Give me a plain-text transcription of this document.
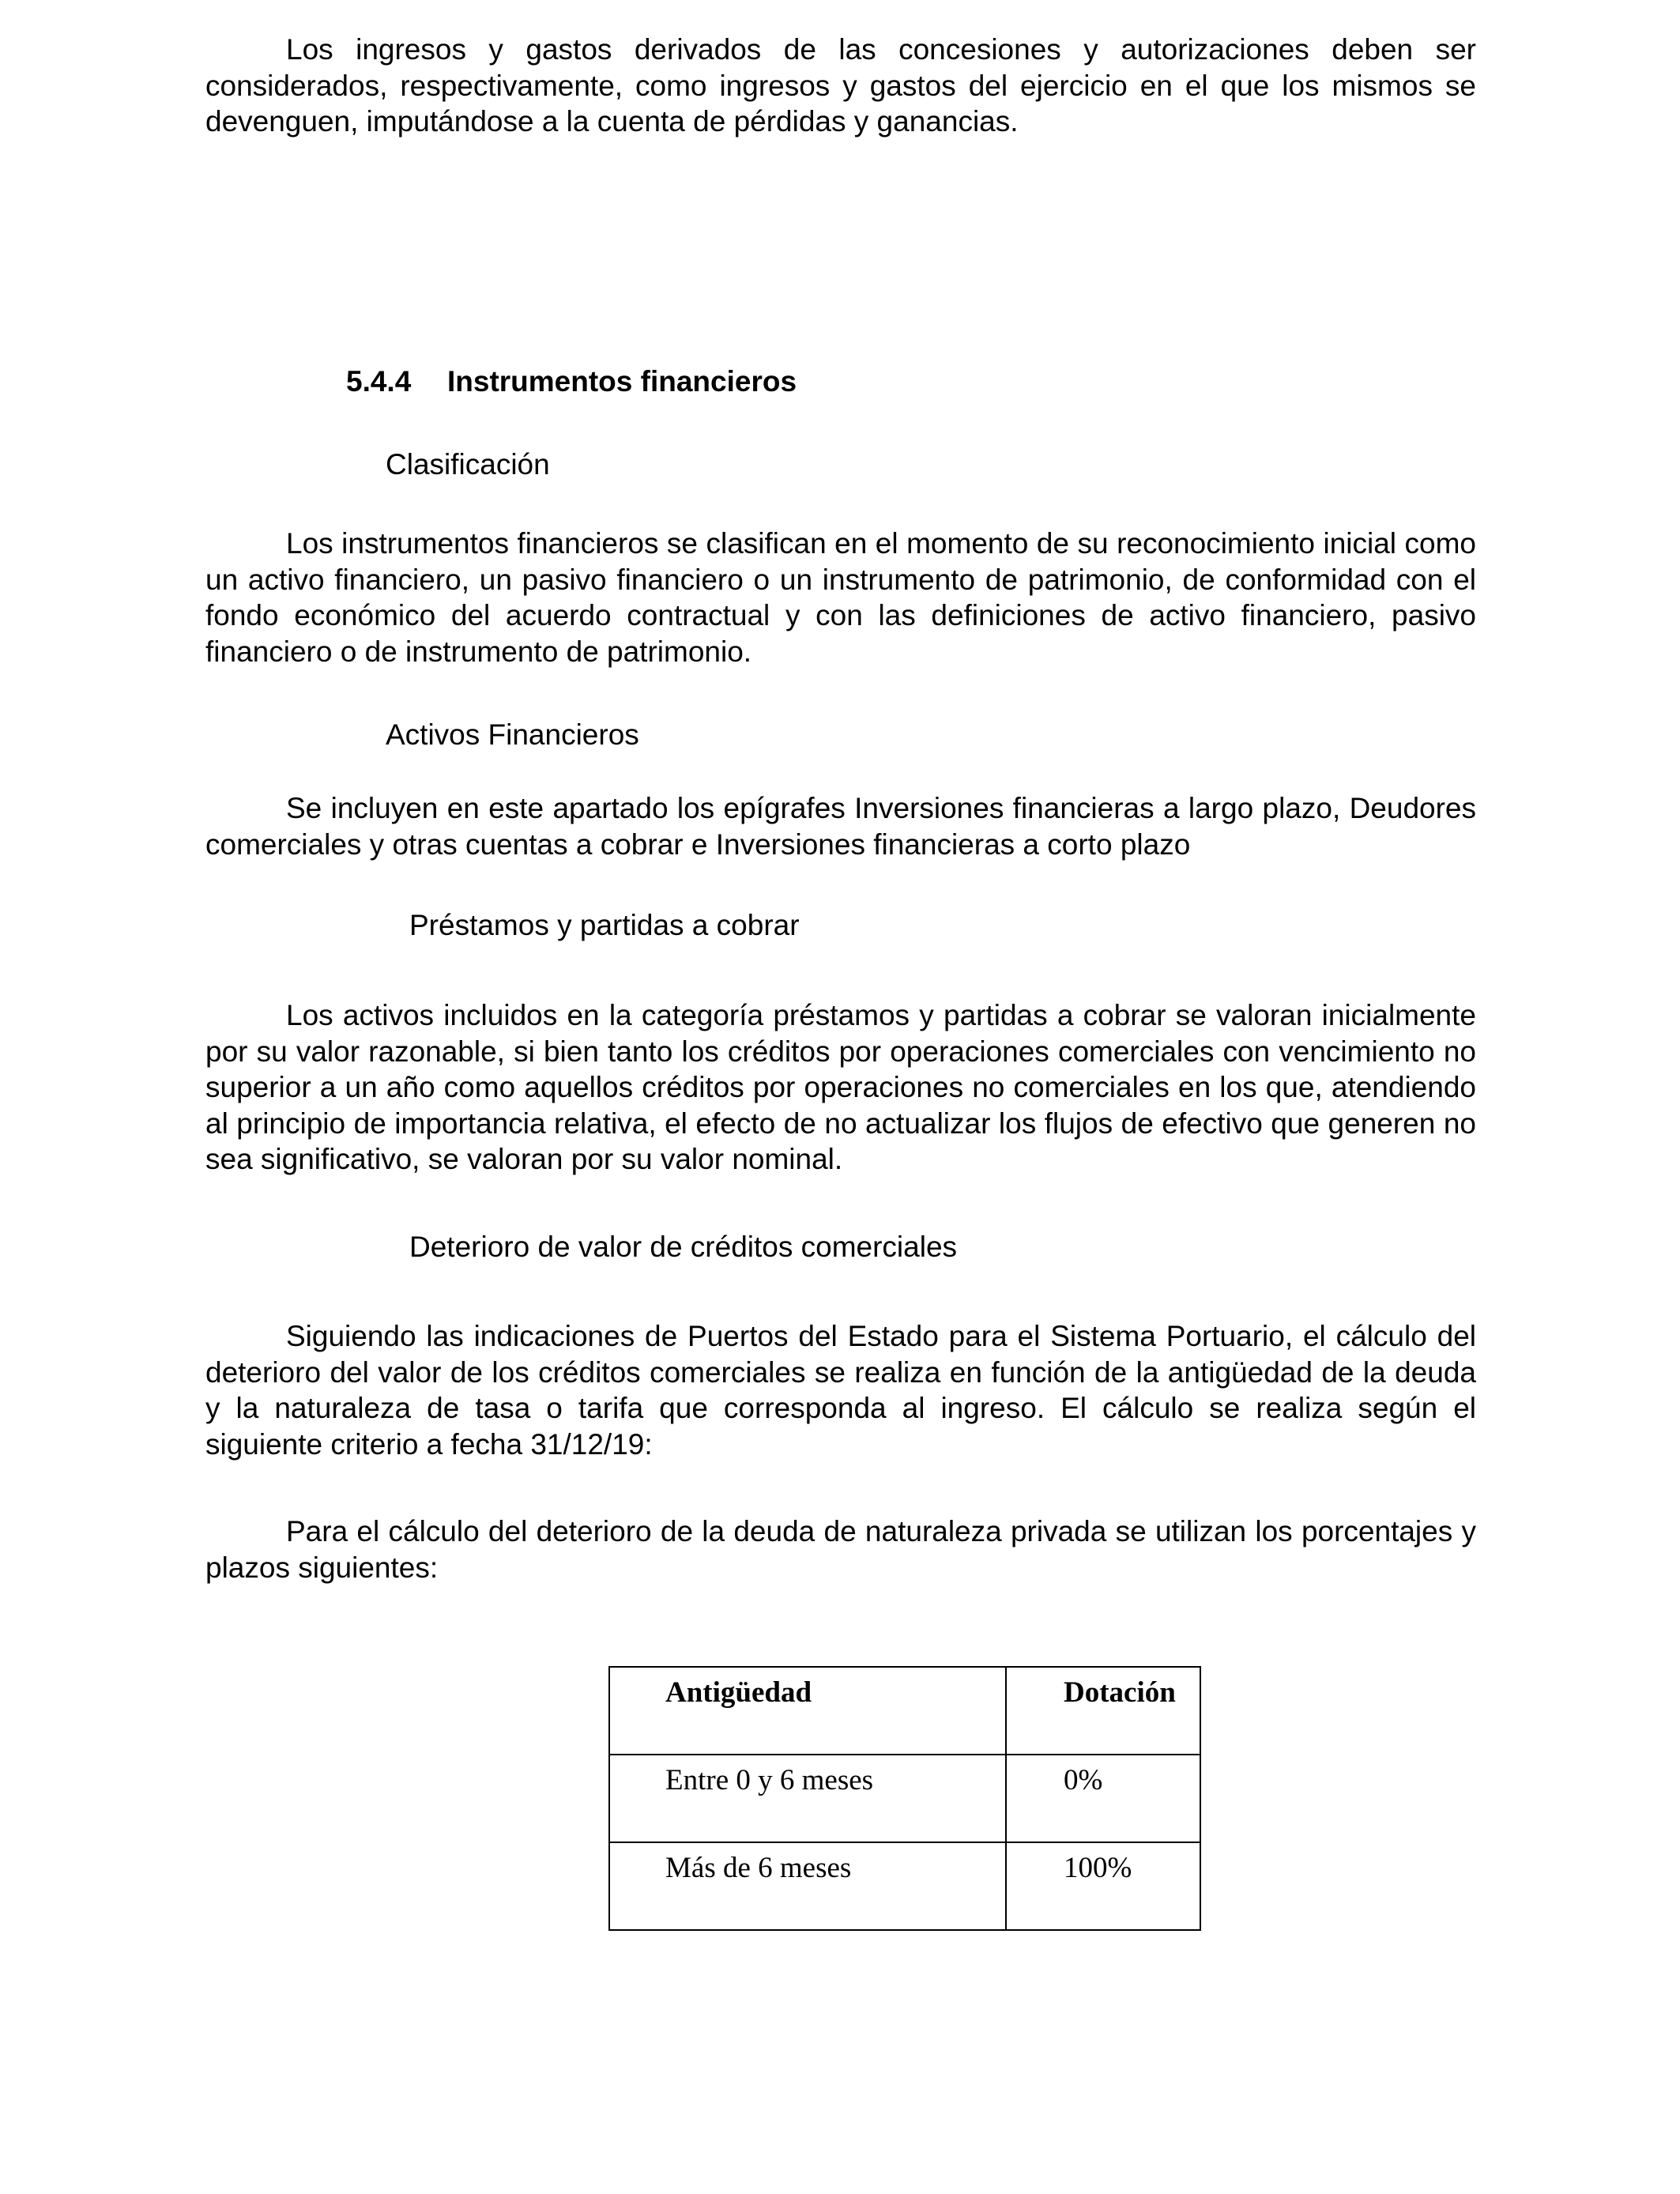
Los ingresos y gastos derivados de las concesiones y autorizaciones deben ser considerados, respectivamente, como ingresos y gastos del ejercicio en el que los mismos se devenguen, imputándose a la cuenta de pérdidas y ganancias.

5.4.4 Instrumentos financieros

Clasificación

Los instrumentos financieros se clasifican en el momento de su reconocimiento inicial como un activo financiero, un pasivo financiero o un instrumento de patrimonio, de conformidad con el fondo económico del acuerdo contractual y con las definiciones de activo financiero, pasivo financiero o de instrumento de patrimonio.

Activos Financieros

Se incluyen en este apartado los epígrafes Inversiones financieras a largo plazo, Deudores comerciales y otras cuentas a cobrar e Inversiones financieras a corto plazo

Préstamos y partidas a cobrar

Los activos incluidos en la categoría préstamos y partidas a cobrar se valoran inicialmente por su valor razonable, si bien tanto los créditos por operaciones comerciales con vencimiento no superior a un año como aquellos créditos por operaciones no comerciales en los que, atendiendo al principio de importancia relativa, el efecto de no actualizar los flujos de efectivo que generen no sea significativo, se valoran por su valor nominal.

Deterioro de valor de créditos comerciales

Siguiendo las indicaciones de Puertos del Estado para el Sistema Portuario, el cálculo del deterioro del valor de los créditos comerciales se realiza en función de la antigüedad de la deuda y la naturaleza de tasa o tarifa que corresponda al ingreso. El cálculo se realiza según el siguiente criterio a fecha 31/12/19:

Para el cálculo del deterioro de la deuda de naturaleza privada se utilizan los porcentajes y plazos siguientes:

Antigüedad	Dotación
Entre 0 y 6 meses	0%
Más de 6 meses	100%
